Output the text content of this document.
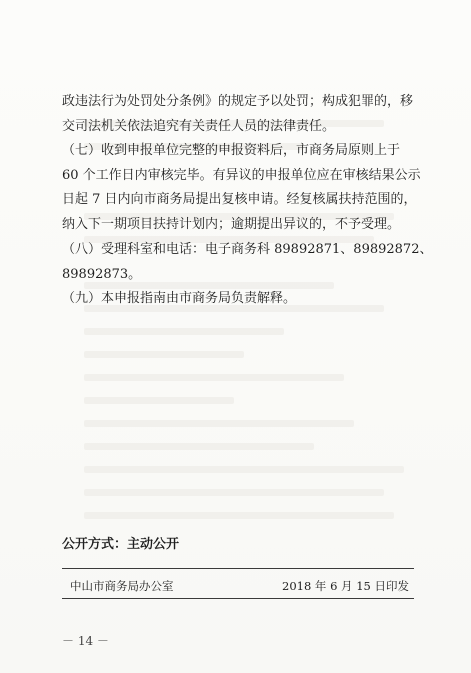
政违法行为处罚处分条例》的规定予以处罚；构成犯罪的，移
交司法机关依法追究有关责任人员的法律责任。
（七）收到申报单位完整的申报资料后，市商务局原则上于
60 个工作日内审核完毕。有异议的申报单位应在审核结果公示
日起 7 日内向市商务局提出复核申请。经复核属扶持范围的，
纳入下一期项目扶持计划内；逾期提出异议的，不予受理。
（八）受理科室和电话：电子商务科 89892871、89892872、
89892873。
（九）本申报指南由市商务局负责解释。
公开方式：主动公开
中山市商务局办公室	2018 年 6 月 15 日印发
－ 14 －
